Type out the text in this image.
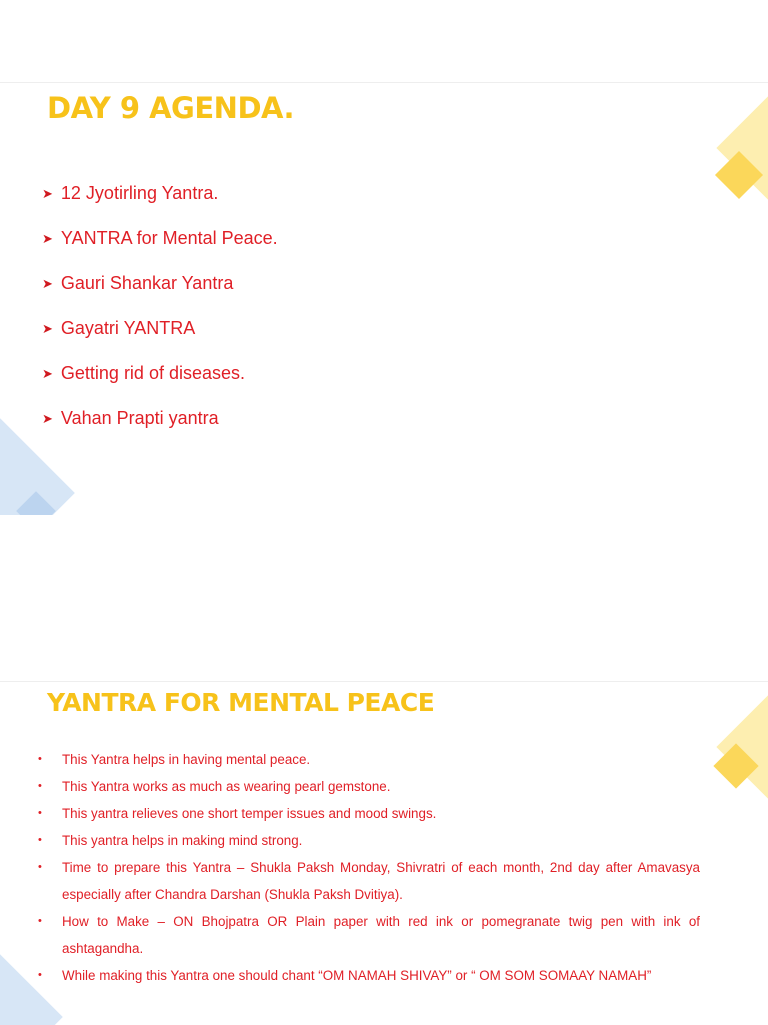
DAY 9 AGENDA.
➤ 12 Jyotirling Yantra.
➤ YANTRA for Mental Peace.
➤ Gauri Shankar Yantra
➤ Gayatri YANTRA
➤ Getting rid of diseases.
➤ Vahan Prapti yantra
YANTRA FOR MENTAL PEACE
• This Yantra helps in having mental peace.
• This Yantra works as much as wearing pearl gemstone.
• This yantra relieves one short temper issues and mood swings.
• This yantra helps in making mind strong.
• Time to prepare this Yantra – Shukla Paksh Monday, Shivratri of each month, 2nd day after Amavasya especially after Chandra Darshan (Shukla Paksh Dvitiya).
• How to Make – ON Bhojpatra OR Plain paper with red ink or pomegranate twig pen with ink of ashtagandha.
• While making this Yantra one should chant “OM NAMAH SHIVAY” or “ OM SOM SOMAAY NAMAH”
